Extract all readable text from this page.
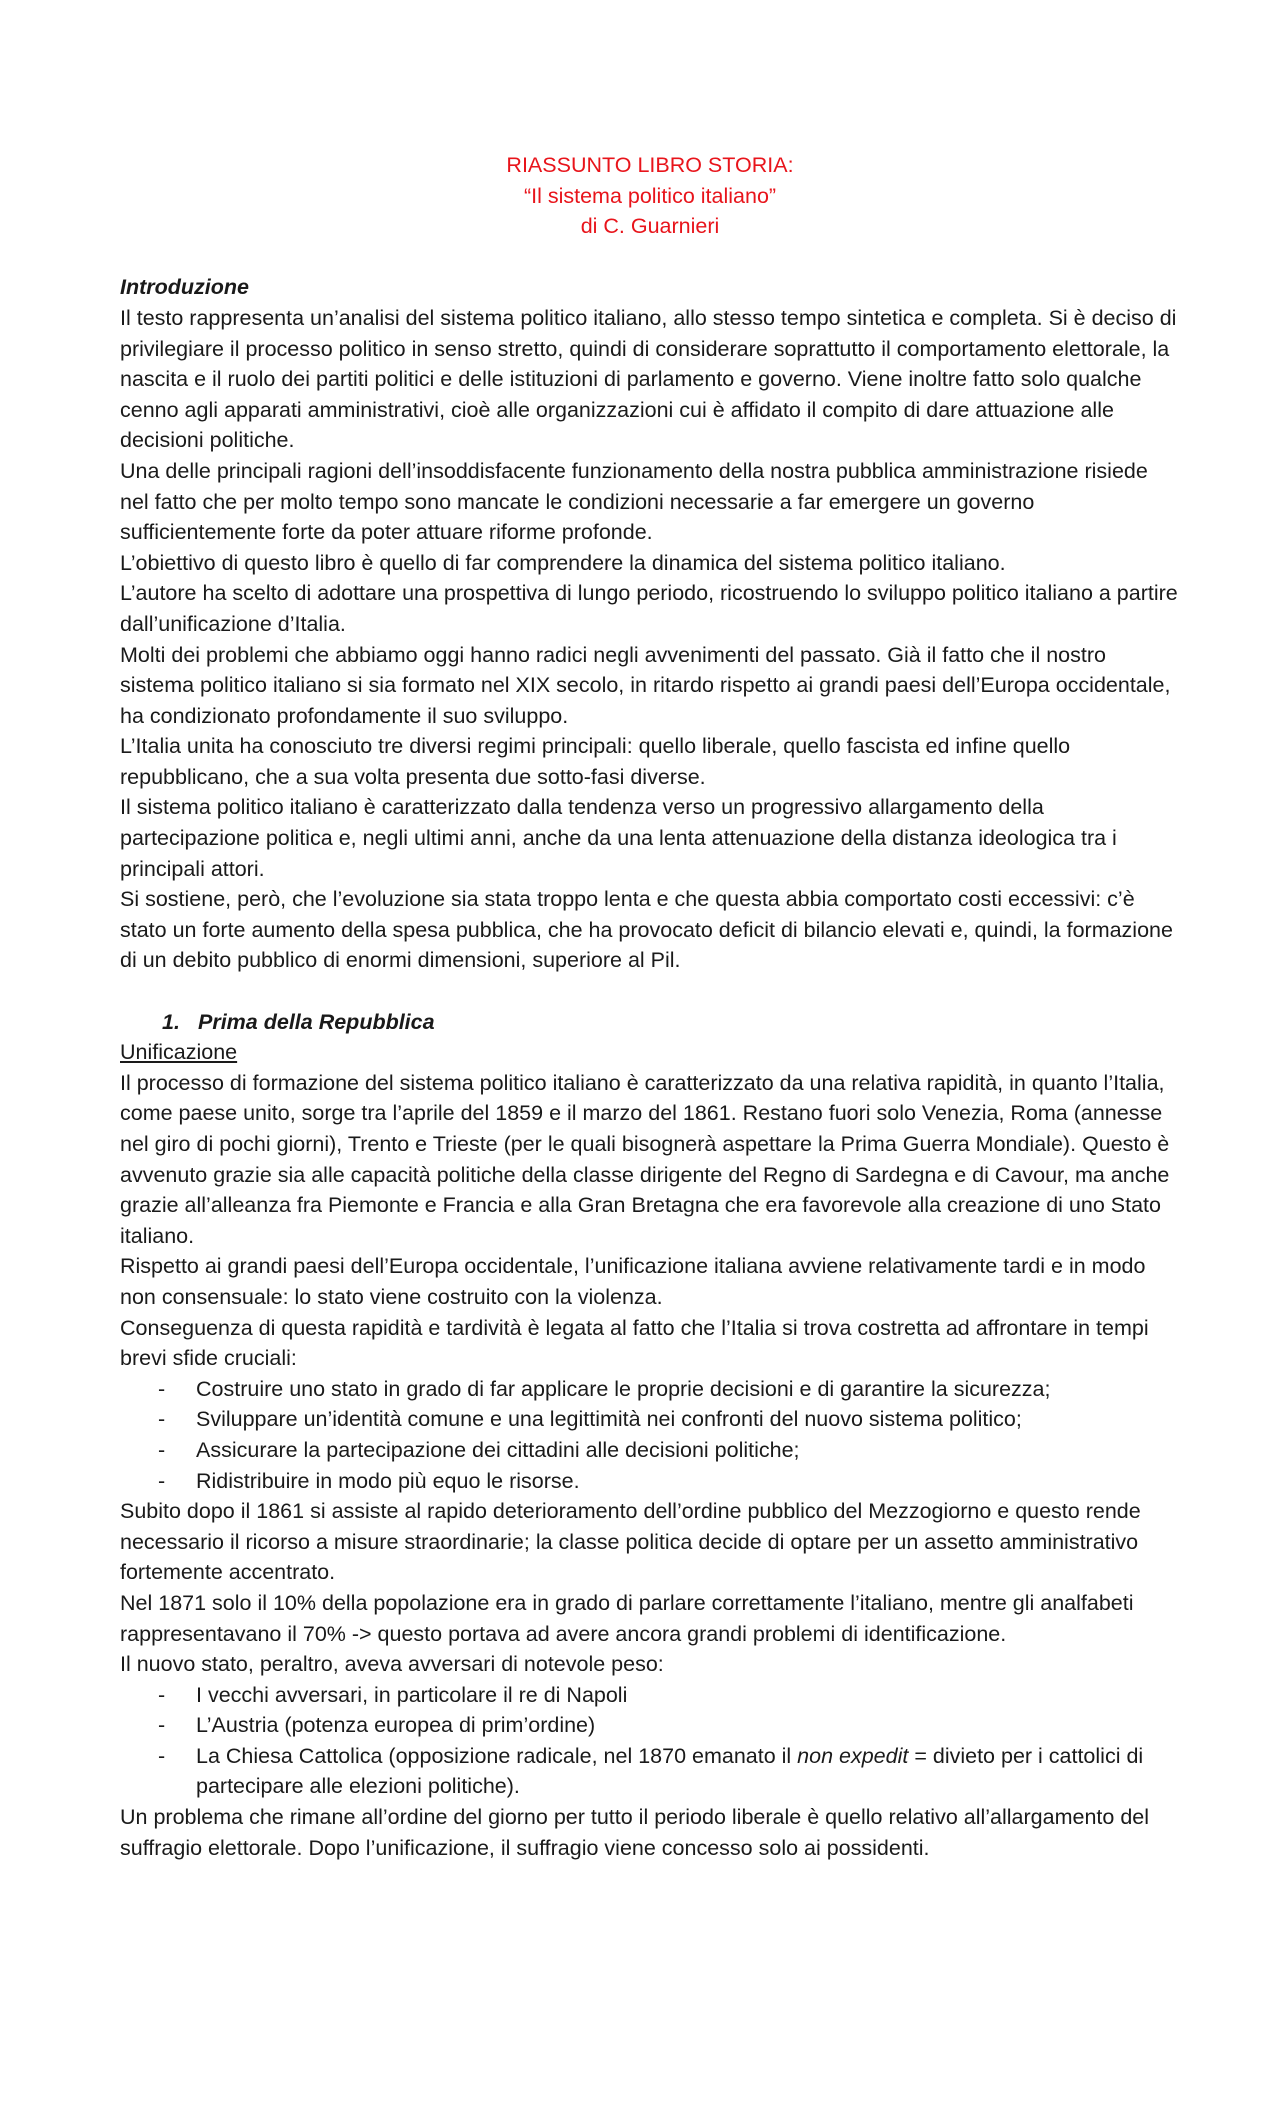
RIASSUNTO LIBRO STORIA:
“Il sistema politico italiano”
di C. Guarnieri
Introduzione

Il testo rappresenta un’analisi del sistema politico italiano, allo stesso tempo sintetica e completa. Si è deciso di privilegiare il processo politico in senso stretto, quindi di considerare soprattutto il comportamento elettorale, la nascita e il ruolo dei partiti politici e delle istituzioni di parlamento e governo. Viene inoltre fatto solo qualche cenno agli apparati amministrativi, cioè alle organizzazioni cui è affidato il compito di dare attuazione alle decisioni politiche.

Una delle principali ragioni dell’insoddisfacente funzionamento della nostra pubblica amministrazione risiede nel fatto che per molto tempo sono mancate le condizioni necessarie a far emergere un governo sufficientemente forte da poter attuare riforme profonde.

L’obiettivo di questo libro è quello di far comprendere la dinamica del sistema politico italiano.

L’autore ha scelto di adottare una prospettiva di lungo periodo, ricostruendo lo sviluppo politico italiano a partire dall’unificazione d’Italia.

Molti dei problemi che abbiamo oggi hanno radici negli avvenimenti del passato. Già il fatto che il nostro sistema politico italiano si sia formato nel XIX secolo, in ritardo rispetto ai grandi paesi dell’Europa occidentale, ha condizionato profondamente il suo sviluppo.

L’Italia unita ha conosciuto tre diversi regimi principali: quello liberale, quello fascista ed infine quello repubblicano, che a sua volta presenta due sotto-fasi diverse.

Il sistema politico italiano è caratterizzato dalla tendenza verso un progressivo allargamento della partecipazione politica e, negli ultimi anni, anche da una lenta attenuazione della distanza ideologica tra i principali attori.

Si sostiene, però, che l’evoluzione sia stata troppo lenta e che questa abbia comportato costi eccessivi: c’è stato un forte aumento della spesa pubblica, che ha provocato deficit di bilancio elevati e, quindi, la formazione di un debito pubblico di enormi dimensioni, superiore al Pil.

1. Prima della Repubblica
Unificazione

Il processo di formazione del sistema politico italiano è caratterizzato da una relativa rapidità, in quanto l’Italia, come paese unito, sorge tra l’aprile del 1859 e il marzo del 1861. Restano fuori solo Venezia, Roma (annesse nel giro di pochi giorni), Trento e Trieste (per le quali bisognerà aspettare la Prima Guerra Mondiale). Questo è avvenuto grazie sia alle capacità politiche della classe dirigente del Regno di Sardegna e di Cavour, ma anche grazie all’alleanza fra Piemonte e Francia e alla Gran Bretagna che era favorevole alla creazione di uno Stato italiano.

Rispetto ai grandi paesi dell’Europa occidentale, l’unificazione italiana avviene relativamente tardi e in modo non consensuale: lo stato viene costruito con la violenza.

Conseguenza di questa rapidità e tardività è legata al fatto che l’Italia si trova costretta ad affrontare in tempi brevi sfide cruciali:

-	Costruire uno stato in grado di far applicare le proprie decisioni e di garantire la sicurezza;
-	Sviluppare un’identità comune e una legittimità nei confronti del nuovo sistema politico;
-	Assicurare la partecipazione dei cittadini alle decisioni politiche;
-	Ridistribuire in modo più equo le risorse.

Subito dopo il 1861 si assiste al rapido deterioramento dell’ordine pubblico del Mezzogiorno e questo rende necessario il ricorso a misure straordinarie; la classe politica decide di optare per un assetto amministrativo fortemente accentrato.

Nel 1871 solo il 10% della popolazione era in grado di parlare correttamente l’italiano, mentre gli analfabeti rappresentavano il 70% -> questo portava ad avere ancora grandi problemi di identificazione.

Il nuovo stato, peraltro, aveva avversari di notevole peso:

-	I vecchi avversari, in particolare il re di Napoli
-	L’Austria (potenza europea di prim’ordine)
-	La Chiesa Cattolica (opposizione radicale, nel 1870 emanato il non expedit = divieto per i cattolici di partecipare alle elezioni politiche).

Un problema che rimane all’ordine del giorno per tutto il periodo liberale è quello relativo all’allargamento del suffragio elettorale. Dopo l’unificazione, il suffragio viene concesso solo ai possidenti.
